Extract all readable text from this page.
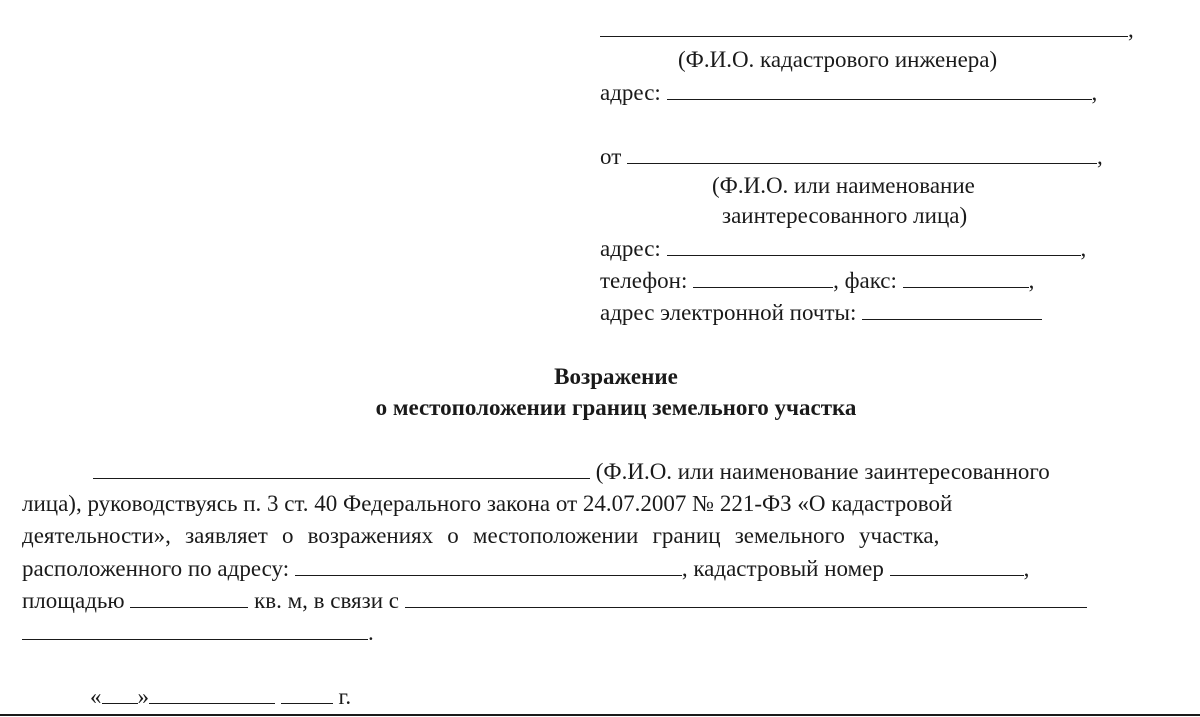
,
(Ф.И.О. кадастрового инженера)
адрес:	,
от	,
(Ф.И.О. или наименование
заинтересованного лица)
адрес:	,
телефон:	, факс:	,
адрес электронной почты:
Возражение
о местоположении границ земельного участка
(Ф.И.О. или наименование заинтересованного
лица), руководствуясь п. 3 ст. 40 Федерального закона от 24.07.2007 № 221-ФЗ «О кадастровой
деятельности», заявляет о возражениях о местоположении границ земельного участка,
расположенного по адресу:	, кадастровый номер	,
площадью	кв. м, в связи с
.
« »	г.
